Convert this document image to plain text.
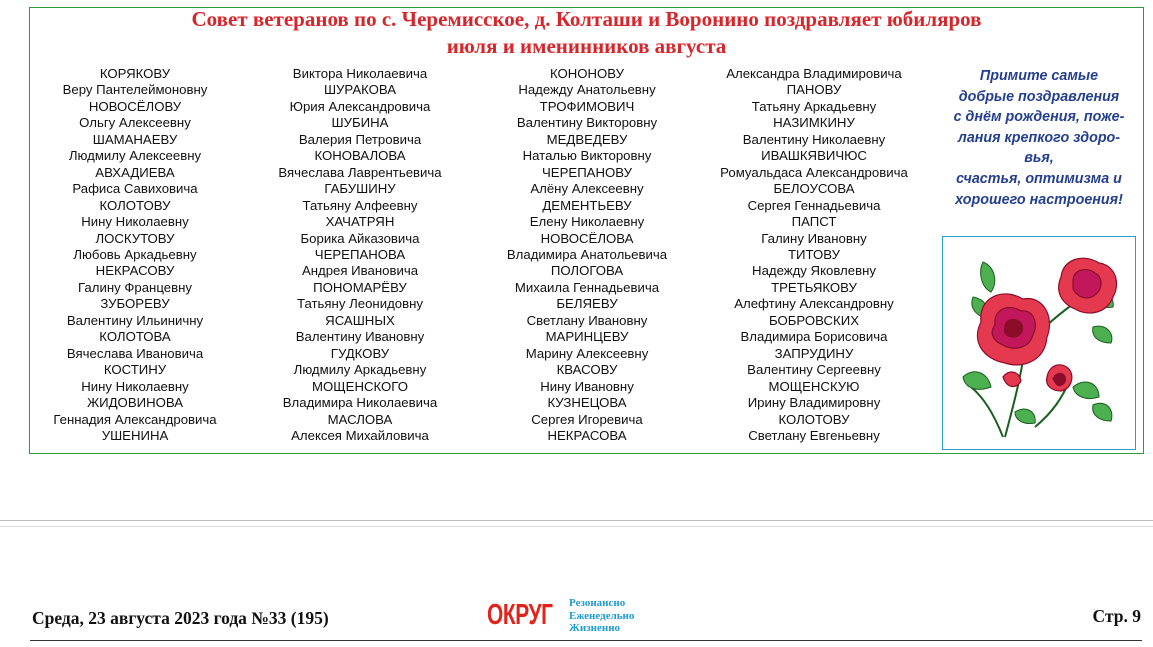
Совет ветеранов по с. Черемисское, д. Колташи и Воронино поздравляет юбиляров
июля и именинников августа
КОРЯКОВУ
Веру Пантелеймоновну
НОВОСЁЛОВУ
Ольгу Алексеевну
ШАМАНАЕВУ
Людмилу Алексеевну
АВХАДИЕВА
Рафиса Савиховича
КОЛОТОВУ
Нину Николаевну
ЛОСКУТОВУ
Любовь Аркадьевну
НЕКРАСОВУ
Галину Францевну
ЗУБОРЕВУ
Валентину Ильиничну
КОЛОТОВА
Вячеслава Ивановича
КОСТИНУ
Нину Николаевну
ЖИДОВИНОВА
Геннадия Александровича
УШЕНИНА
Виктора Николаевича
ШУРАКОВА
Юрия Александровича
ШУБИНА
Валерия Петровича
КОНОВАЛОВА
Вячеслава Лаврентьевича
ГАБУШИНУ
Татьяну Алфеевну
ХАЧАТРЯН
Борика Айказовича
ЧЕРЕПАНОВА
Андрея Ивановича
ПОНОМАРЁВУ
Татьяну Леонидовну
ЯСАШНЫХ
Валентину Ивановну
ГУДКОВУ
Людмилу Аркадьевну
МОЩЕНСКОГО
Владимира Николаевича
МАСЛОВА
Алексея Михайловича
КОНОНОВУ
Надежду Анатольевну
ТРОФИМОВИЧ
Валентину Викторовну
МЕДВЕДЕВУ
Наталью Викторовну
ЧЕРЕПАНОВУ
Алёну Алексеевну
ДЕМЕНТЬЕВУ
Елену Николаевну
НОВОСЁЛОВА
Владимира Анатольевича
ПОЛОГОВА
Михаила Геннадьевича
БЕЛЯЕВУ
Светлану Ивановну
МАРИНЦЕВУ
Марину Алексеевну
КВАСОВУ
Нину Ивановну
КУЗНЕЦОВА
Сергея Игоревича
НЕКРАСОВА
Александра Владимировича
ПАНОВУ
Татьяну Аркадьевну
НАЗИМКИНУ
Валентину Николаевну
ИВАШКЯВИЧЮС
Ромуальдаса Александровича
БЕЛОУСОВА
Сергея Геннадьевича
ПАПСТ
Галину Ивановну
ТИТОВУ
Надежду Яковлевну
ТРЕТЬЯКОВУ
Алефтину Александровну
БОБРОВСКИХ
Владимира Борисовича
ЗАПРУДИНУ
Валентину Сергеевну
МОЩЕНСКУЮ
Ирину Владимировну
КОЛОТОВУ
Светлану Евгеньевну
Примите самые
добрые поздравления
с днём рождения, поже-
лания крепкого здоро-
вья,
счастья, оптимизма и
хорошего настроения!
Среда, 23 августа 2023 года №33 (195)	ОКРУГ Резонансно
Еженедельно
Жизненно
Стр. 9
